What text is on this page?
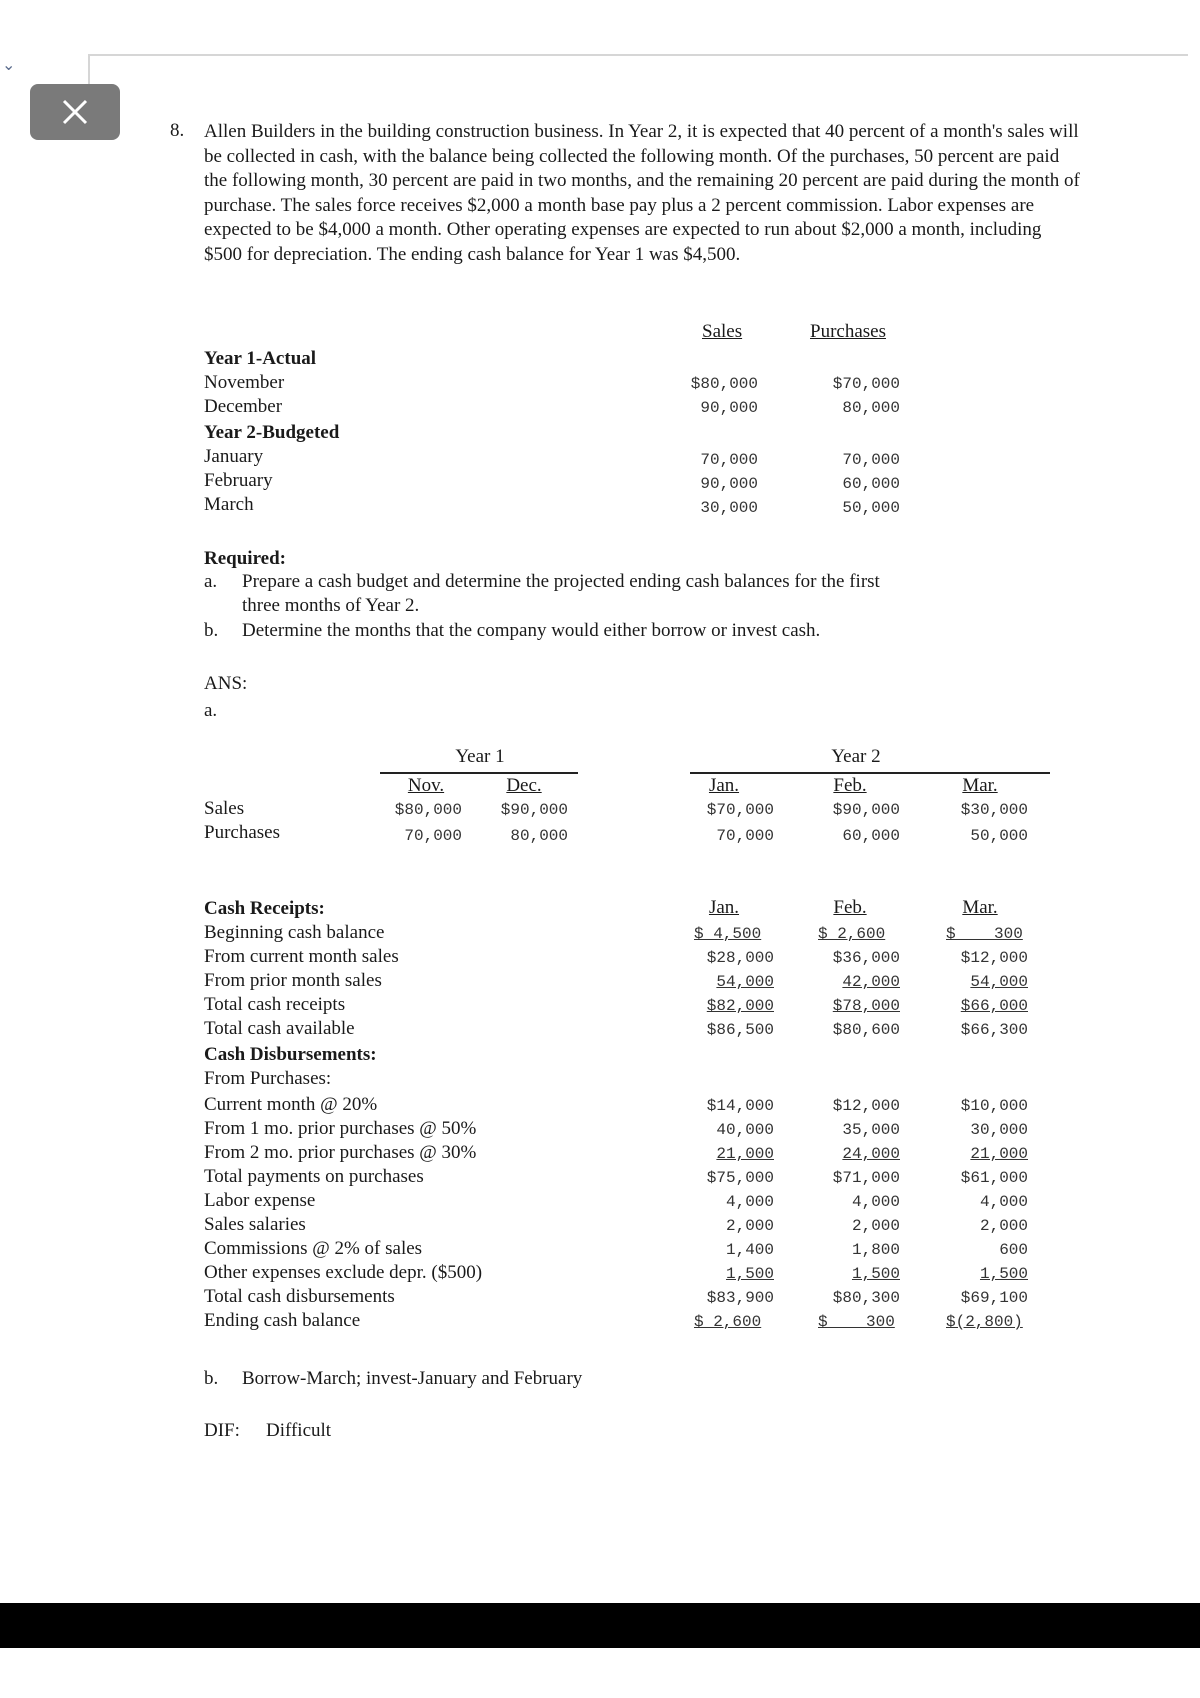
⌄
8. Allen Builders in the building construction business. In Year 2, it is expected that 40 percent of a month's sales will be collected in cash, with the balance being collected the following month. Of the purchases, 50 percent are paid the following month, 30 percent are paid in two months, and the remaining 20 percent are paid during the month of purchase. The sales force receives $2,000 a month base pay plus a 2 percent commission. Labor expenses are expected to be $4,000 a month. Other operating expenses are expected to run about $2,000 a month, including $500 for depreciation. The ending cash balance for Year 1 was $4,500.
Sales	Purchases
Year 1-Actual
November	$80,000	$70,000
December	90,000	80,000
Year 2-Budgeted
January	70,000	70,000
February	90,000	60,000
March	30,000	50,000
Required:
a. Prepare a cash budget and determine the projected ending cash balances for the first
three months of Year 2.
b. Determine the months that the company would either borrow or invest cash.
ANS:
a.
Year 1	Year 2
Nov.	Dec.	Jan.	Feb.	Mar.
Sales	$80,000	$90,000	$70,000	$90,000	$30,000
Purchases	70,000	80,000	70,000	60,000	50,000
Cash Receipts:	Jan.	Feb.	Mar.
Beginning cash balance	$ 4,500	$ 2,600	$    300
From current month sales	$28,000	$36,000	$12,000
From prior month sales	54,000	42,000	54,000
Total cash receipts	$82,000	$78,000	$66,000
Total cash available	$86,500	$80,600	$66,300
Cash Disbursements:
From Purchases:
Current month @ 20%	$14,000	$12,000	$10,000
From 1 mo. prior purchases @ 50%	40,000	35,000	30,000
From 2 mo. prior purchases @ 30%	21,000	24,000	21,000
Total payments on purchases	$75,000	$71,000	$61,000
Labor expense	4,000	4,000	4,000
Sales salaries	2,000	2,000	2,000
Commissions @ 2% of sales	1,400	1,800	600
Other expenses exclude depr. ($500)	1,500	1,500	1,500
Total cash disbursements	$83,900	$80,300	$69,100
Ending cash balance	$ 2,600	$    300	$(2,800)
b. Borrow-March; invest-January and February
DIF: Difficult
